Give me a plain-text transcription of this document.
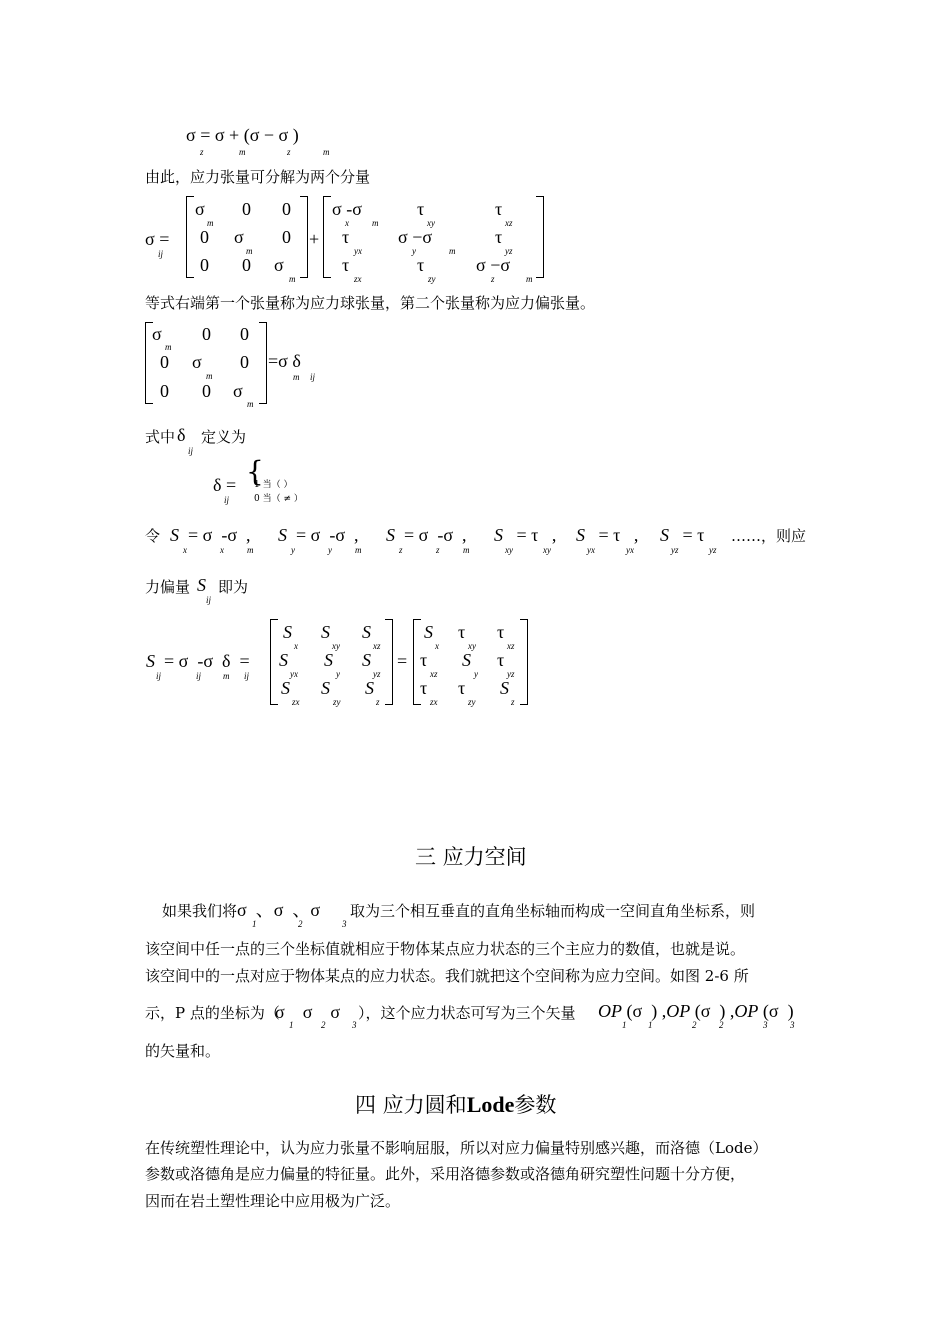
σ = σ + (σ − σ )
z	m	z	m
由此，应力张量可分解为两个分量
σ =
ij
σ 0 0
0 σ 0
0 0 σ
m
m
m
+
σ -σ	τ	τ
τ	σ −σ	τ
τ	τ	σ −σ
x	m	xy	xz
yx	y	m	yz
zx	zy	z	m
等式右端第一个张量称为应力球张量，第二个张量称为应力偏张量。
σ 0 0
0 σ 0
0 0 σ
m
m
m
=σ δ
m ij
式中 δ
ij
定义为
δ =
ij
{
1 当（ ）
0 当（ ≠ ）
令 S  = σ  -σ  ,
x	x	m
S  = σ  -σ  ,
y	y	m
S  = σ  -σ  ,
z	z	m
S   = τ   ,
xy	xy
S   = τ   ,
yx	yx
S   = τ
yz	yz
……，则应
力偏量 S
ij
即为
S  = σ  -σ  δ  =
ij	ij m ij
S S S
S S S
S S S
x	xy	xz
yx	y	yz
zx	zy	z
=
S τ τ
τ S τ
τ τ S
x	xy	xz
xz	y	yz
zx	zy	z
三 应力空间
如果我们将 σ  、σ  、σ
1	2	3
取为三个相互垂直的直角坐标轴而构成一空间直角坐标系，则
该空间中任一点的三个坐标值就相应于物体某点应力状态的三个主应力的数值，也就是说。
该空间中的一点对应于物体某点的应力状态。我们就把这个空间称为应力空间。如图 2-6 所
示，P 点的坐标为（
σ    σ    σ
1	2	3
），这个应力状态可写为三个矢量 OP (σ  ) ,OP (σ  ) ,OP (σ  )
1 1	2	2	3	3
的矢量和。
四 应力圆和Lode参数
在传统塑性理论中，认为应力张量不影响屈服，所以对应力偏量特别感兴趣，而洛德（Lode）
参数或洛德角是应力偏量的特征量。此外，采用洛德参数或洛德角研究塑性问题十分方便，
因而在岩土塑性理论中应用极为广泛。
